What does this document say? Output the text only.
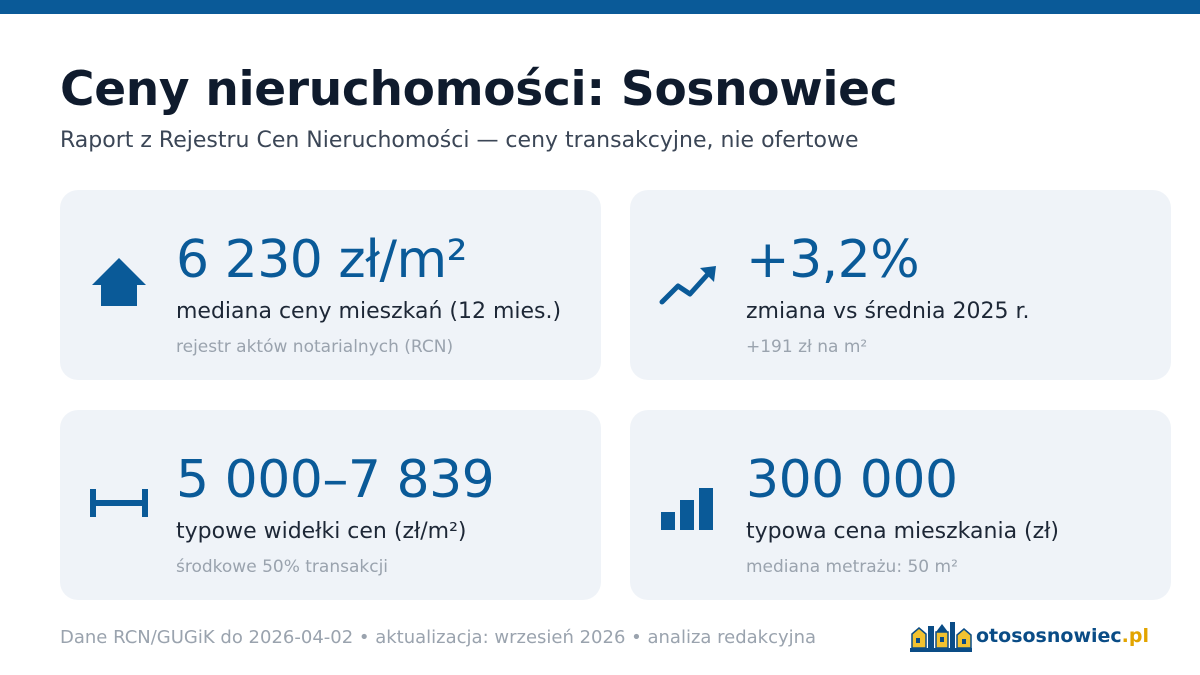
Ceny nieruchomości: Sosnowiec

Raport z Rejestru Cen Nieruchomości — ceny transakcyjne, nie ofertowe

6 230 zł/m²
mediana ceny mieszkań (12 mies.)
rejestr aktów notarialnych (RCN)
+3,2%
zmiana vs średnia 2025 r.
+191 zł na m²
5 000–7 839
typowe widełki cen (zł/m²)
środkowe 50% transakcji
300 000
typowa cena mieszkania (zł)
mediana metrażu: 50 m²

Dane RCN/GUGiK do 2026-04-02 • aktualizacja: wrzesień 2026 • analiza redakcyjna	otososnowiec .pl
